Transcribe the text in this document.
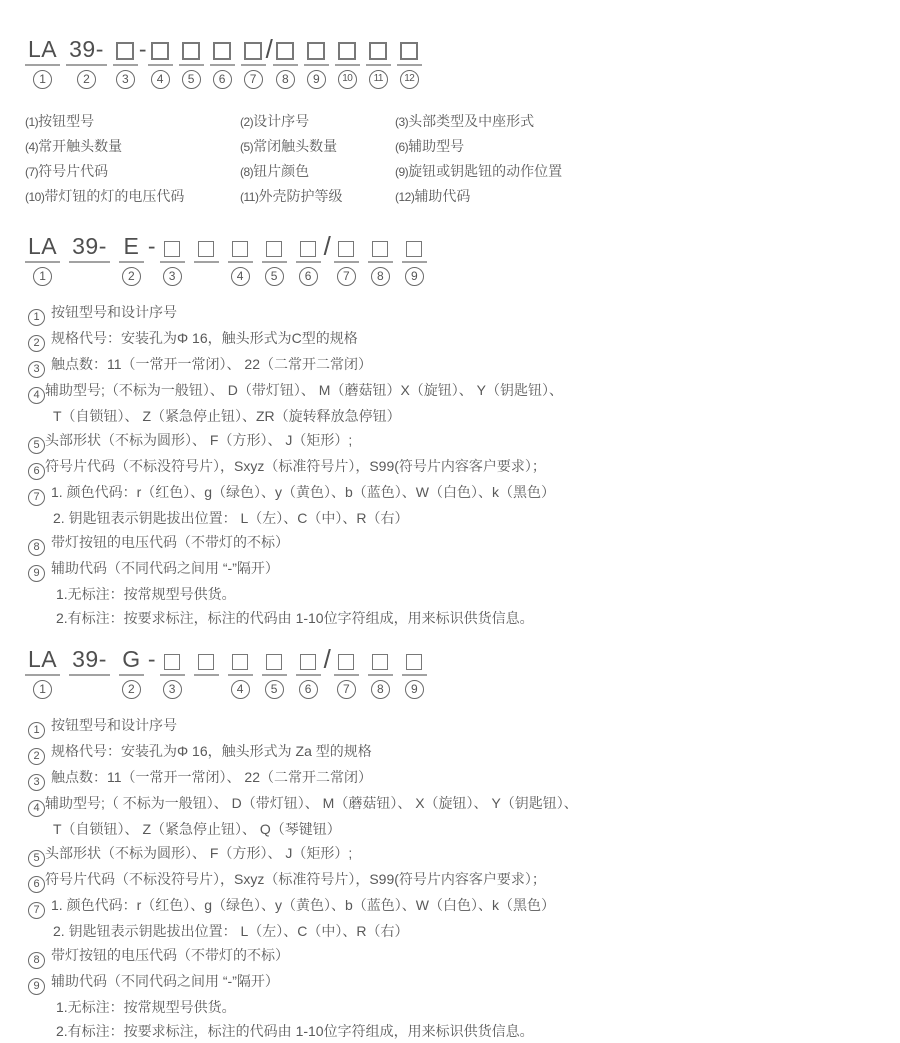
LA
1
39-
2	3
-
4	5	6	7
/
8	9	10	11	12
(1)按钮型号	(2)设计序号	(3)头部类型及中座形式
(4)常开触头数量	(5)常闭触头数量	(6)辅助型号
(7)符号片代码	(8)钮片颜色	(9)旋钮或钥匙钮的动作位置
(10)带灯钮的灯的电压代码	(11)外壳防护等级	(12)辅助代码
LA
1
39- E
2
-
3	4	5	6
/
7	8	9
1 按钮型号和设计序号
2 规格代号：安装孔为Φ 16，触头形式为C型的规格
3 触点数：11（一常开一常闭）、 22（二常开二常闭）
4 辅助型号;（不标为一般钮）、 D（带灯钮）、 M（蘑菇钮）X（旋钮）、 Y（钥匙钮）、
T（自锁钮）、 Z（紧急停止钮）、ZR（旋转释放急停钮）
5 头部形状（不标为圆形）、 F（方形）、 J（矩形）;
6 符号片代码（不标没符号片），Sxyz（标准符号片），S99(符号片内容客户要求）；
7 1. 颜色代码：r（红色）、g（绿色）、y（黄色）、b（蓝色）、W（白色）、k（黑色）
2. 钥匙钮表示钥匙拔出位置： L（左）、C（中）、R（右）
8 带灯按钮的电压代码（不带灯的不标）
9 辅助代码（不同代码之间用 “-”隔开）
1.无标注：按常规型号供货。
2.有标注：按要求标注，标注的代码由 1-10位字符组成，用来标识供货信息。
LA
1
39- G
2
-
3	4	5	6
/
7	8	9
1 按钮型号和设计序号
2 规格代号：安装孔为Φ 16，触头形式为 Za 型的规格
3 触点数：11（一常开一常闭）、 22（二常开二常闭）
4 辅助型号;（ 不标为一般钮）、 D（带灯钮）、 M（蘑菇钮）、 X（旋钮）、 Y（钥匙钮）、
T（自锁钮）、 Z（紧急停止钮）、 Q（琴键钮）
5 头部形状（不标为圆形）、 F（方形）、 J（矩形）;
6 符号片代码（不标没符号片），Sxyz（标准符号片），S99(符号片内容客户要求）；
7 1. 颜色代码：r（红色）、g（绿色）、y（黄色）、b（蓝色）、W（白色）、k（黑色）
2. 钥匙钮表示钥匙拔出位置： L（左）、C（中）、R（右）
8 带灯按钮的电压代码（不带灯的不标）
9 辅助代码（不同代码之间用 “-”隔开）
1.无标注：按常规型号供货。
2.有标注：按要求标注，标注的代码由 1-10位字符组成，用来标识供货信息。
